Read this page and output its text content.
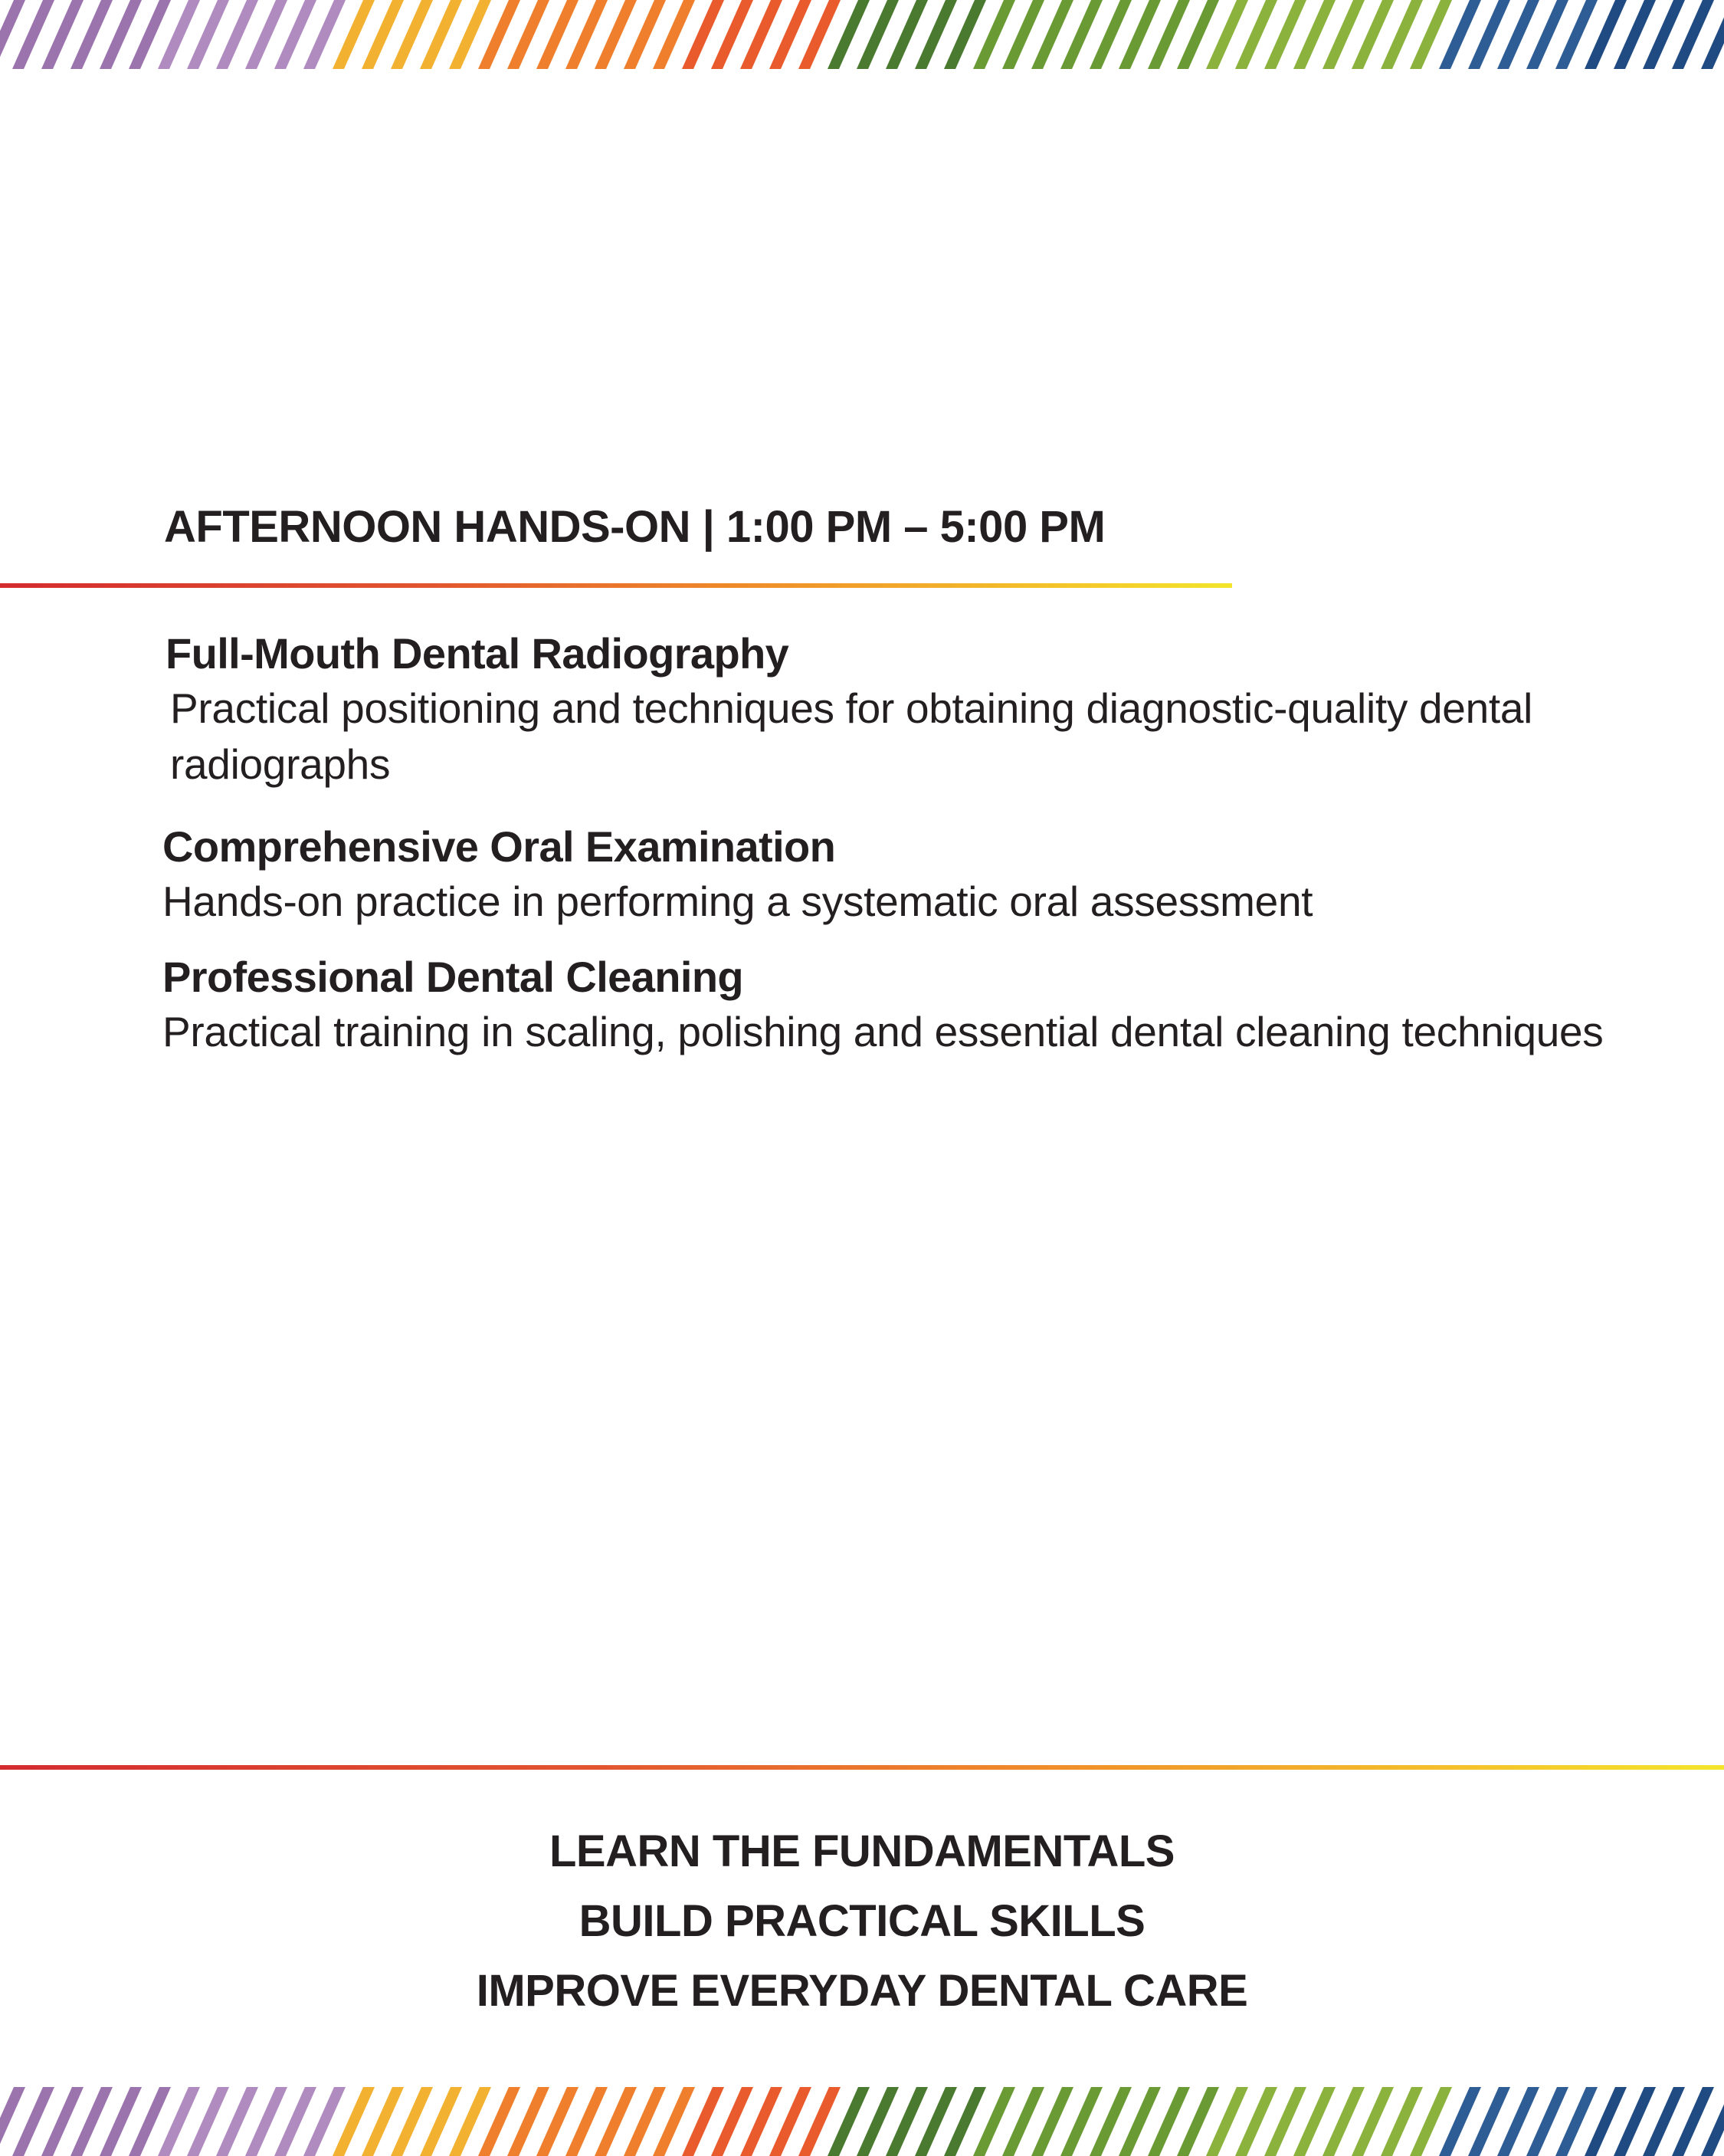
AFTERNOON HANDS-ON | 1:00 PM – 5:00 PM
Full-Mouth Dental Radiography

Practical positioning and techniques for obtaining diagnostic-quality dental radiographs

Comprehensive Oral Examination

Hands-on practice in performing a systematic oral assessment

Professional Dental Cleaning

Practical training in scaling, polishing and essential dental cleaning techniques

LEARN THE FUNDAMENTALS
BUILD PRACTICAL SKILLS
IMPROVE EVERYDAY DENTAL CARE
